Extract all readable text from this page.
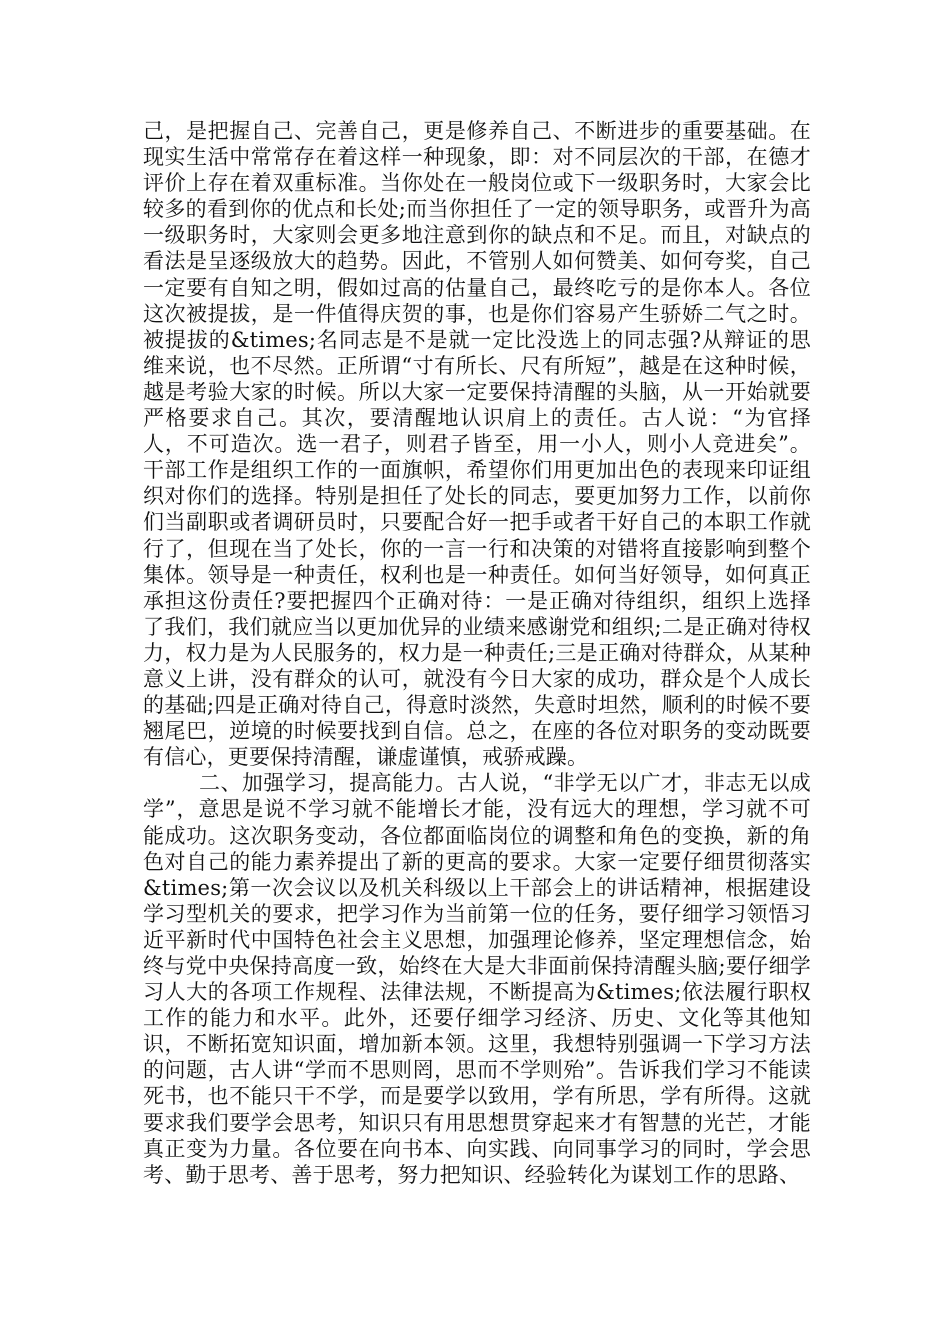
己，是把握自己、完善自己，更是修养自己、不断进步的重要基础。在现实生活中常常存在着这样一种现象，即：对不同层次的干部，在德才评价上存在着双重标准。当你处在一般岗位或下一级职务时，大家会比较多的看到你的优点和长处;而当你担任了一定的领导职务，或晋升为高一级职务时，大家则会更多地注意到你的缺点和不足。而且，对缺点的看法是呈逐级放大的趋势。因此，不管别人如何赞美、如何夸奖，自己一定要有自知之明，假如过高的估量自己，最终吃亏的是你本人。各位这次被提拔，是一件值得庆贺的事，也是你们容易产生骄娇二气之时。被提拔的&times;名同志是不是就一定比没选上的同志强?从辩证的思维来说，也不尽然。正所谓“寸有所长、尺有所短”，越是在这种时候，越是考验大家的时候。所以大家一定要保持清醒的头脑，从一开始就要严格要求自己。其次，要清醒地认识肩上的责任。古人说：“为官择人，不可造次。选一君子，则君子皆至，用一小人，则小人竞进矣”。干部工作是组织工作的一面旗帜，希望你们用更加出色的表现来印证组织对你们的选择。特别是担任了处长的同志，要更加努力工作，以前你们当副职或者调研员时，只要配合好一把手或者干好自己的本职工作就行了，但现在当了处长，你的一言一行和决策的对错将直接影响到整个集体。领导是一种责任，权利也是一种责任。如何当好领导，如何真正承担这份责任?要把握四个正确对待：一是正确对待组织，组织上选择了我们，我们就应当以更加优异的业绩来感谢党和组织;二是正确对待权力，权力是为人民服务的，权力是一种责任;三是正确对待群众，从某种意义上讲，没有群众的认可，就没有今日大家的成功，群众是个人成长的基础;四是正确对待自己，得意时淡然，失意时坦然，顺利的时候不要翘尾巴，逆境的时候要找到自信。总之，在座的各位对职务的变动既要有信心，更要保持清醒，谦虚谨慎，戒骄戒躁。

二、加强学习，提高能力。古人说，“非学无以广才，非志无以成学”，意思是说不学习就不能增长才能，没有远大的理想，学习就不可能成功。这次职务变动，各位都面临岗位的调整和角色的变换，新的角色对自己的能力素养提出了新的更高的要求。大家一定要仔细贯彻落实&times;第一次会议以及机关科级以上干部会上的讲话精神，根据建设学习型机关的要求，把学习作为当前第一位的任务，要仔细学习领悟习近平新时代中国特色社会主义思想，加强理论修养，坚定理想信念，始终与党中央保持高度一致，始终在大是大非面前保持清醒头脑;要仔细学习人大的各项工作规程、法律法规，不断提高为&times;依法履行职权工作的能力和水平。此外，还要仔细学习经济、历史、文化等其他知识，不断拓宽知识面，增加新本领。这里，我想特别强调一下学习方法的问题，古人讲“学而不思则罔，思而不学则殆”。告诉我们学习不能读死书，也不能只干不学，而是要学以致用，学有所思，学有所得。这就要求我们要学会思考，知识只有用思想贯穿起来才有智慧的光芒，才能真正变为力量。各位要在向书本、向实践、向同事学习的同时，学会思考、勤于思考、善于思考，努力把知识、经验转化为谋划工作的思路、
